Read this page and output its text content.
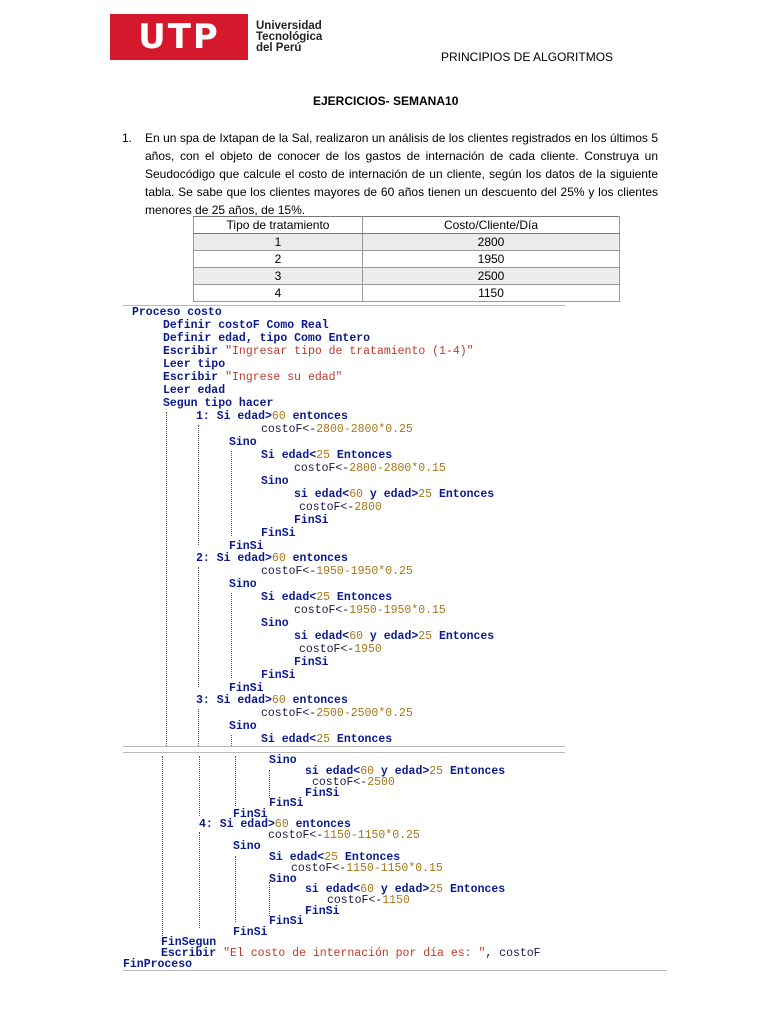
UTP	Universidad
Tecnológica
del Perú
PRINCIPIOS DE ALGORITMOS
EJERCICIOS- SEMANA10
1. En un spa de Ixtapan de la Sal, realizaron un análisis de los clientes registrados en los últimos 5 años, con el objeto de conocer de los gastos de internación de cada cliente. Construya un Seudocódigo que calcule el costo de internación de un cliente, según los datos de la siguiente tabla. Se sabe que los clientes mayores de 60 años tienen un descuento del 25% y los clientes menores de 25 años, de 15%.
Tipo de tratamiento	Costo/Cliente/Día
1	2800
2	1950
3	2500
4	1150

Proceso costo

Definir costoF Como Real

Definir edad, tipo Como Entero

Escribir "Ingresar tipo de tratamiento (1-4)"

Leer tipo

Escribir "Ingrese su edad"

Leer edad

Segun tipo hacer

1: Si edad>60 entonces

costoF<-2800-2800*0.25

Sino

Si edad<25 Entonces

costoF<-2800-2800*0.15

Sino

si edad<60 y edad>25 Entonces

costoF<-2800

FinSi

FinSi

FinSi

2: Si edad>60 entonces

costoF<-1950-1950*0.25

Sino

Si edad<25 Entonces

costoF<-1950-1950*0.15

Sino

si edad<60 y edad>25 Entonces

costoF<-1950

FinSi

FinSi

FinSi

3: Si edad>60 entonces

costoF<-2500-2500*0.25

Sino

Si edad<25 Entonces

Sino

si edad<60 y edad>25 Entonces

costoF<-2500

FinSi

FinSi

FinSi

4: Si edad>60 entonces

costoF<-1150-1150*0.25

Sino

Si edad<25 Entonces

costoF<-1150-1150*0.15

Sino

si edad<60 y edad>25 Entonces

costoF<-1150

FinSi

FinSi

FinSi

FinSegun

Escribir "El costo de internación por día es: ", costoF

FinProceso
